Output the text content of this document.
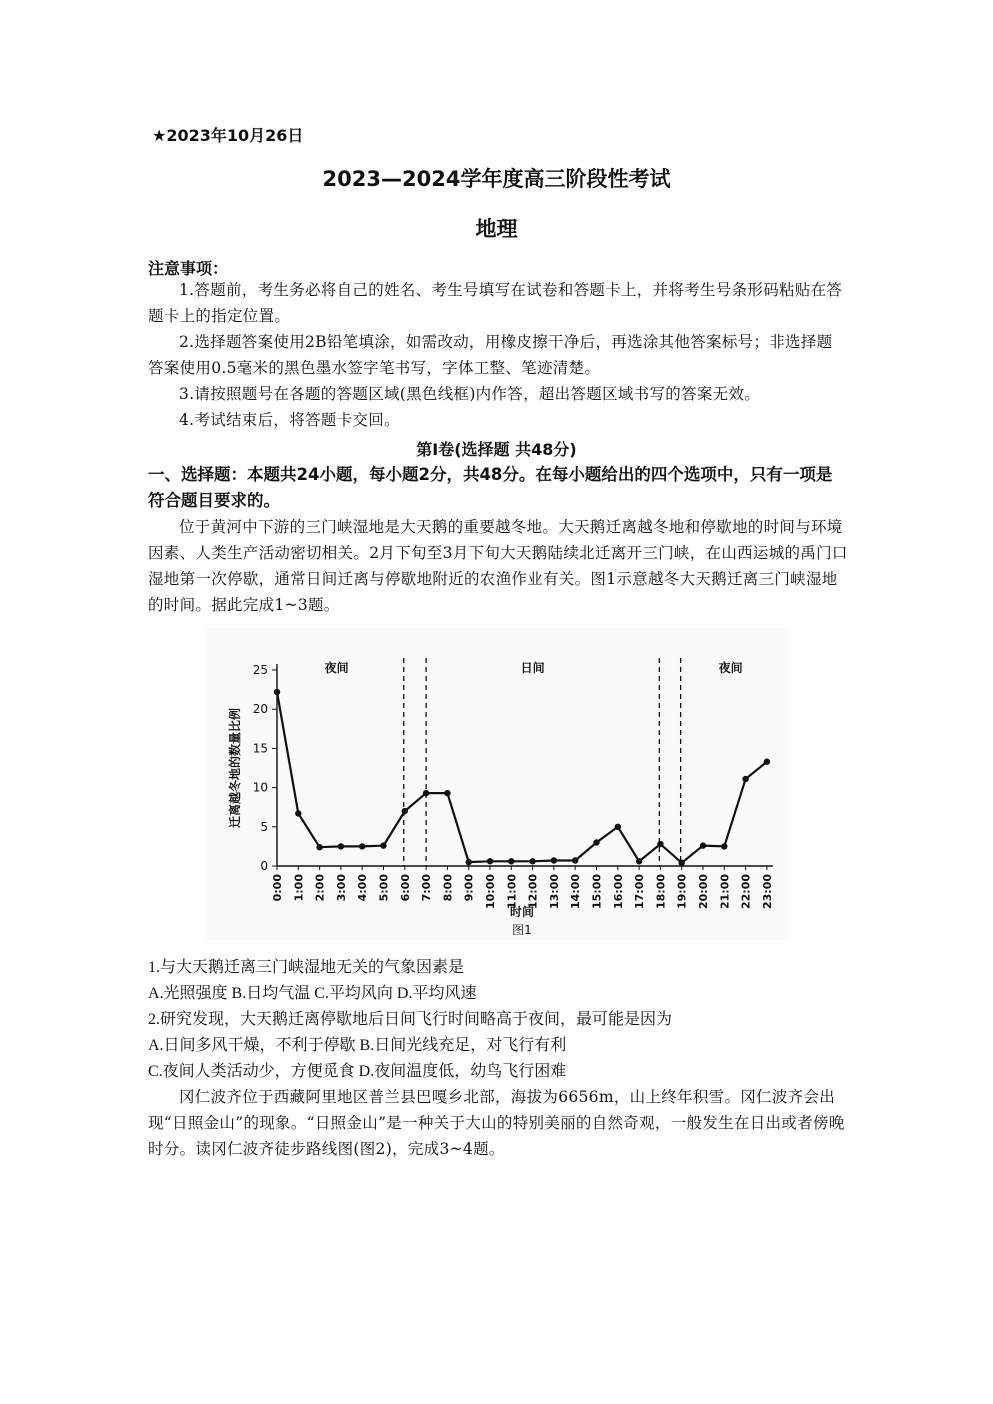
★2023年10月26日
2023—2024学年度高三阶段性考试
地理
注意事项：

1.答题前，考生务必将自己的姓名、考生号填写在试卷和答题卡上，并将考生号条形码粘贴在答题卡上的指定位置。

2.选择题答案使用2B铅笔填涂，如需改动，用橡皮擦干净后，再选涂其他答案标号；非选择题答案使用0.5毫米的黑色墨水签字笔书写，字体工整、笔迹清楚。

3.请按照题号在各题的答题区域(黑色线框)内作答，超出答题区域书写的答案无效。

4.考试结束后，将答题卡交回。

第Ⅰ卷(选择题 共48分)
一、选择题：本题共24小题，每小题2分，共48分。在每小题给出的四个选项中，只有一项是符合题目要求的。

位于黄河中下游的三门峡湿地是大天鹅的重要越冬地。大天鹅迁离越冬地和停歇地的时间与环境因素、人类生产活动密切相关。2月下旬至3月下旬大天鹅陆续北迁离开三门峡，在山西运城的禹门口湿地第一次停歇，通常日间迁离与停歇地附近的农渔作业有关。图1示意越冬大天鹅迁离三门峡湿地的时间。据此完成1~3题。

0
5
10
15
20
25
0:00 1:00 2:00 3:00 4:00 5:00 6:00 7:00 8:00 9:00 10:00 11:00 12:00 13:00 14:00 15:00 16:00 17:00 18:00 19:00 20:00 21:00 22:00 23:00
夜间	日间	夜间
迁离越冬地的数量比例
时间
图1
1.与大天鹅迁离三门峡湿地无关的气象因素是
A.光照强度 B.日均气温 C.平均风向 D.平均风速
2.研究发现，大天鹅迁离停歇地后日间飞行时间略高于夜间，最可能是因为
A.日间多风干燥，不利于停歇 B.日间光线充足，对飞行有利
C.夜间人类活动少，方便觅食 D.夜间温度低，幼鸟飞行困难

冈仁波齐位于西藏阿里地区普兰县巴嘎乡北部，海拔为6656m，山上终年积雪。冈仁波齐会出现“日照金山”的现象。“日照金山”是一种关于大山的特别美丽的自然奇观，一般发生在日出或者傍晚时分。读冈仁波齐徒步路线图(图2)，完成3~4题。
